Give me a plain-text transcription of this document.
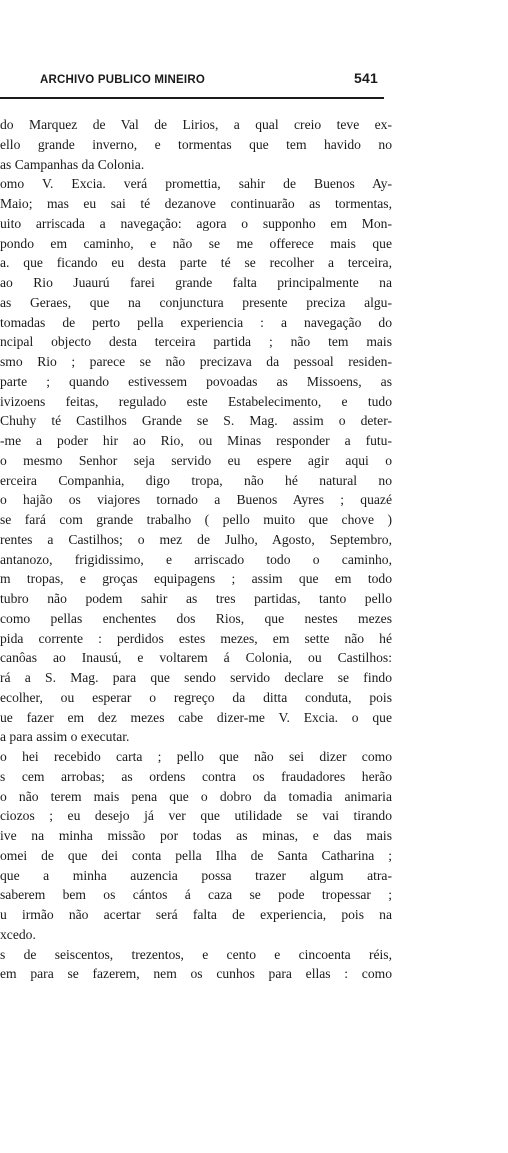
ARCHIVO PUBLICO MINEIRO	541
do Marquez de Val de Lirios, a qual creio teve ex-
ello grande inverno, e tormentas que tem havido no
as Campanhas da Colonia.
omo V. Excia. verá promettia, sahir de Buenos Ay-
Maio; mas eu sai té dezanove continuarão as tormentas,
uito arriscada a navegação: agora o supponho em Mon-
pondo em caminho, e não se me offerece mais que
a. que ficando eu desta parte té se recolher a terceira,
ao Rio Juaurú farei grande falta principalmente na
as Geraes, que na conjunctura presente preciza algu-
tomadas de perto pella experiencia : a navegação do
ncipal objecto desta terceira partida ; não tem mais
smo Rio ; parece se não precizava da pessoal residen-
parte ; quando estivessem povoadas as Missoens, as
ivizoens feitas, regulado este Estabelecimento, e tudo
Chuhy té Castilhos Grande se S. Mag. assim o deter-
-me a poder hir ao Rio, ou Minas responder a futu-
o mesmo Senhor seja servido eu espere agir aqui o
erceira Companhia, digo tropa, não hé natural no
o hajão os viajores tornado a Buenos Ayres ; quazé
se fará com grande trabalho ( pello muito que chove )
rentes a Castilhos; o mez de Julho, Agosto, Septembro,
antanozo, frigidissimo, e arriscado todo o caminho,
m tropas, e groças equipagens ; assim que em todo
tubro não podem sahir as tres partidas, tanto pello
como pellas enchentes dos Rios, que nestes mezes
pida corrente : perdidos estes mezes, em sette não hé
canôas ao Inausú, e voltarem á Colonia, ou Castilhos:
rá a S. Mag. para que sendo servido declare se findo
ecolher, ou esperar o regreço da ditta conduta, pois
ue fazer em dez mezes cabe dizer-me V. Excia. o que
a para assim o executar.
o hei recebido carta ; pello que não sei dizer como
s cem arrobas; as ordens contra os fraudadores herão
o não terem mais pena que o dobro da tomadia animaria
ciozos ; eu desejo já ver que utilidade se vai tirando
ive na minha missão por todas as minas, e das mais
omei de que dei conta pella Ilha de Santa Catharina ;
que a minha auzencia possa trazer algum atra-
saberem bem os cántos á caza se pode tropessar ;
u irmão não acertar será falta de experiencia, pois na
xcedo.
s de seiscentos, trezentos, e cento e cincoenta réis,
em para se fazerem, nem os cunhos para ellas : como
